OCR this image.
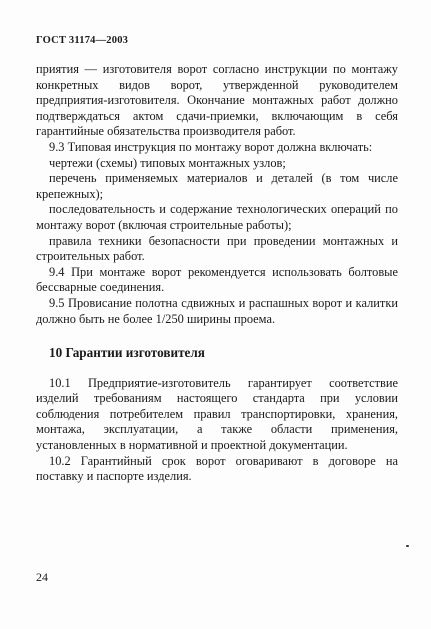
ГОСТ 31174—2003

приятия — изготовителя ворот согласно инструкции по монтажу конкретных видов ворот, утвержденной руководителем предприятия-изготовителя. Окончание монтажных работ должно подтверждаться актом сдачи-приемки, включающим в себя гарантийные обязательства производителя работ.

9.3 Типовая инструкция по монтажу ворот должна включать:

чертежи (схемы) типовых монтажных узлов;

перечень применяемых материалов и деталей (в том числе крепежных);

последовательность и содержание технологических операций по монтажу ворот (включая строительные работы);

правила техники безопасности при проведении монтажных и строительных работ.

9.4 При монтаже ворот рекомендуется использовать болтовые бессварные соединения.

9.5 Провисание полотна сдвижных и распашных ворот и калитки должно быть не более 1/250 ширины проема.

10 Гарантии изготовителя

10.1 Предприятие-изготовитель гарантирует соответствие изделий требованиям настоящего стандарта при условии соблюдения потребителем правил транспортировки, хранения, монтажа, эксплуатации, а также области применения, установленных в нормативной и проектной документации.

10.2 Гарантийный срок ворот оговаривают в договоре на поставку и паспорте изделия.

24
